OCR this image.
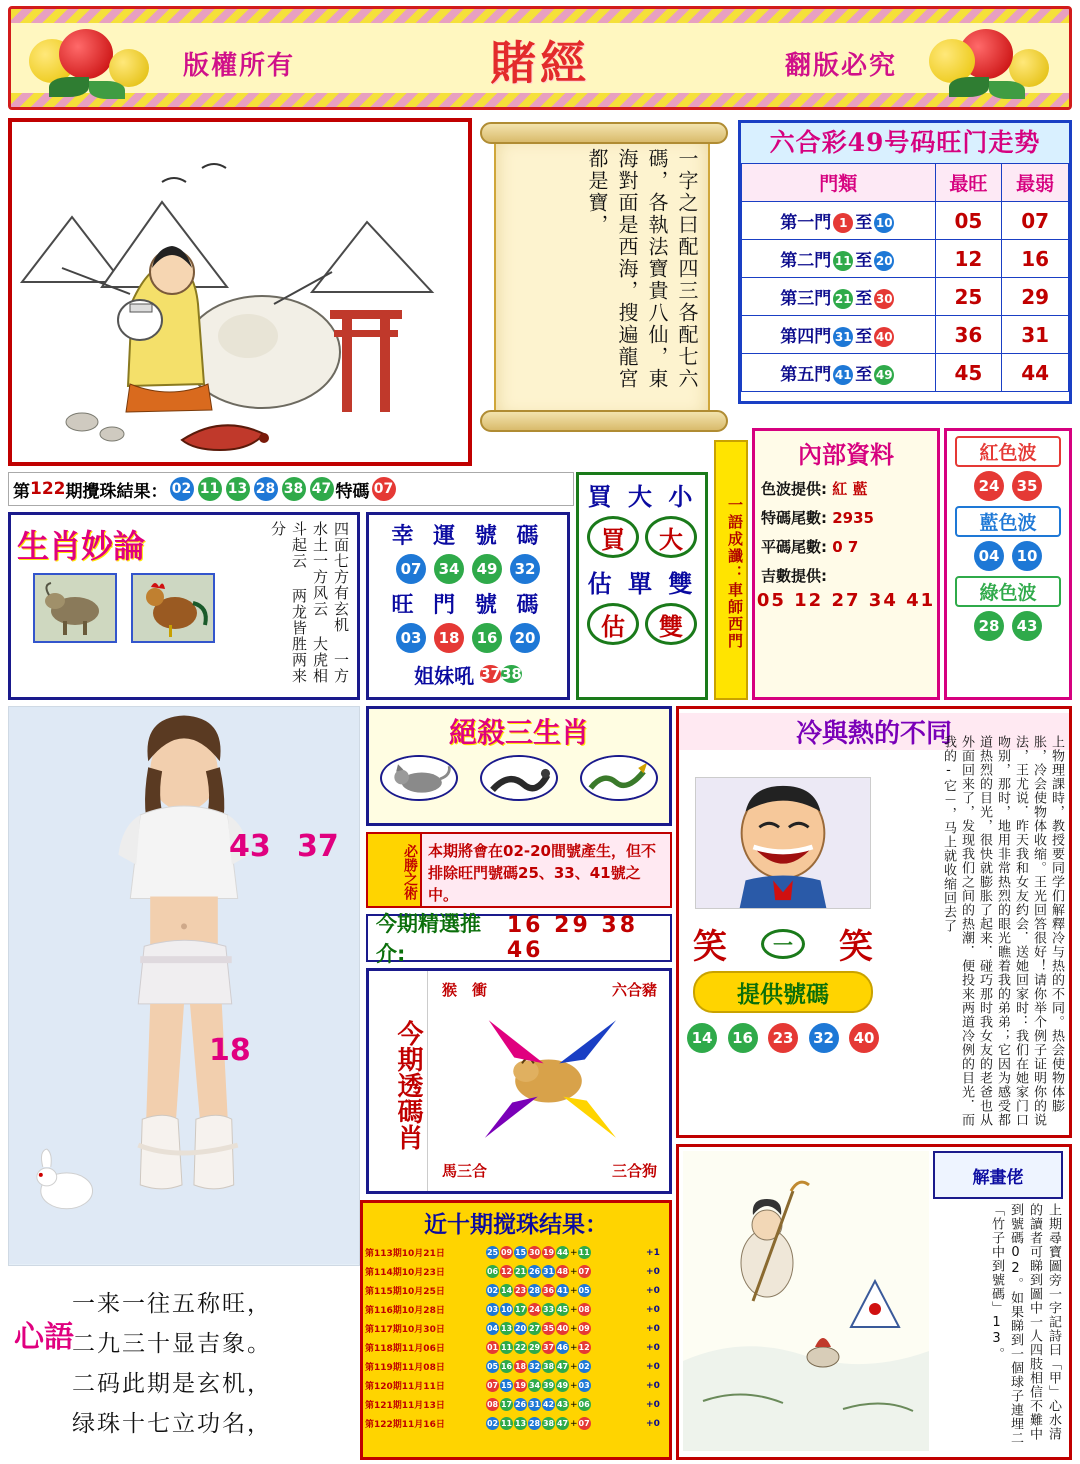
版權所有	賭經	翻版必究
一字之曰配四三各配七六碼，各執法寶貴八仙，東海對面是西海，搜遍龍宮都是寶，
六合彩49号码旺门走势
門類	最旺	最弱
第一門 1 至 10	05	07
第二門 11 至 20	12	16
第三門 21 至 30	25	29
第四門 31 至 40	36	31
第五門 41 至 49	45	44
第 122 期攪珠結果： 02 11 13 28 38 47 特碼 07
生肖妙論	四面七方有玄机 一方水土一方风云 大虎相斗起云 两龙皆胜两来分	幸 運 號 碼
07	34	49	32
旺 門 號 碼
03	18	16	20
姐妹吼 3738
買 大 小
買	大
估 單 雙
估	雙	一語成讖：車師西門
內部資料
色波提供: 紅 藍
特碼尾數: 2935
平碼尾數: 0 7
吉數提供:
05 12 27 34 41
紅色波
24	35
藍色波
04	10
綠色波
28	43
絕殺三生肖
必勝之術 本期將會在02-20間號產生，但不排除旺門號碼25、33、41號之中。
今期精選推介:
16 29 38 46
今期透碼肖
猴　衝	六合豬
馬三合	三合狗
冷與熱的不同
笑	一	笑
提供號碼
14	16	23	32	40	上物理課時，教授要同学们解釋冷与热的不同。热会使物体膨胀，冷会使物体收缩。王光回答很好！请你举个例子证明你的说法，王尤说．昨天我和女友约会．送她回家时：我们在她家门口吻别，那时，地用非常热烈的眼光瞧着我的弟弟；它因为感受都道热烈的目光，很快就膨胀了起来．碰巧那时我女友的老爸也从外面回来了，发现我们之间的热潮．便投来两道冷例的目光．而我的-它－，马上就收缩回去了
43 37
18
心語
一来一往五称旺，
二九三十显吉象。
二码此期是玄机，
绿珠十七立功名，
近十期搅珠结果：
第113期10月21日	25 09 15 30 19 44 +11	+1
第114期10月23日	06 12 21 26 31 48 +07	+0
第115期10月25日	02 14 23 28 36 41 +05	+0
第116期10月28日	03 10 17 24 33 45 +08	+0
第117期10月30日	04 13 20 27 35 40 +09	+0
第118期11月06日	01 11 22 29 37 46 +12	+0
第119期11月08日	05 16 18 32 38 47 +02	+0
第120期11月11日	07 15 19 34 39 49 +03	+0
第121期11月13日	08 17 26 31 42 43 +06	+0
第122期11月16日	02 11 13 28 38 47 +07	+0
解畫佬
上期尋寶圖旁一字記詩曰「甲」心水清的讀者可睇到圖中一人四肢相信不難中到號碼02。如果睇到一個球子連埋二「竹子中到號碼」13。
